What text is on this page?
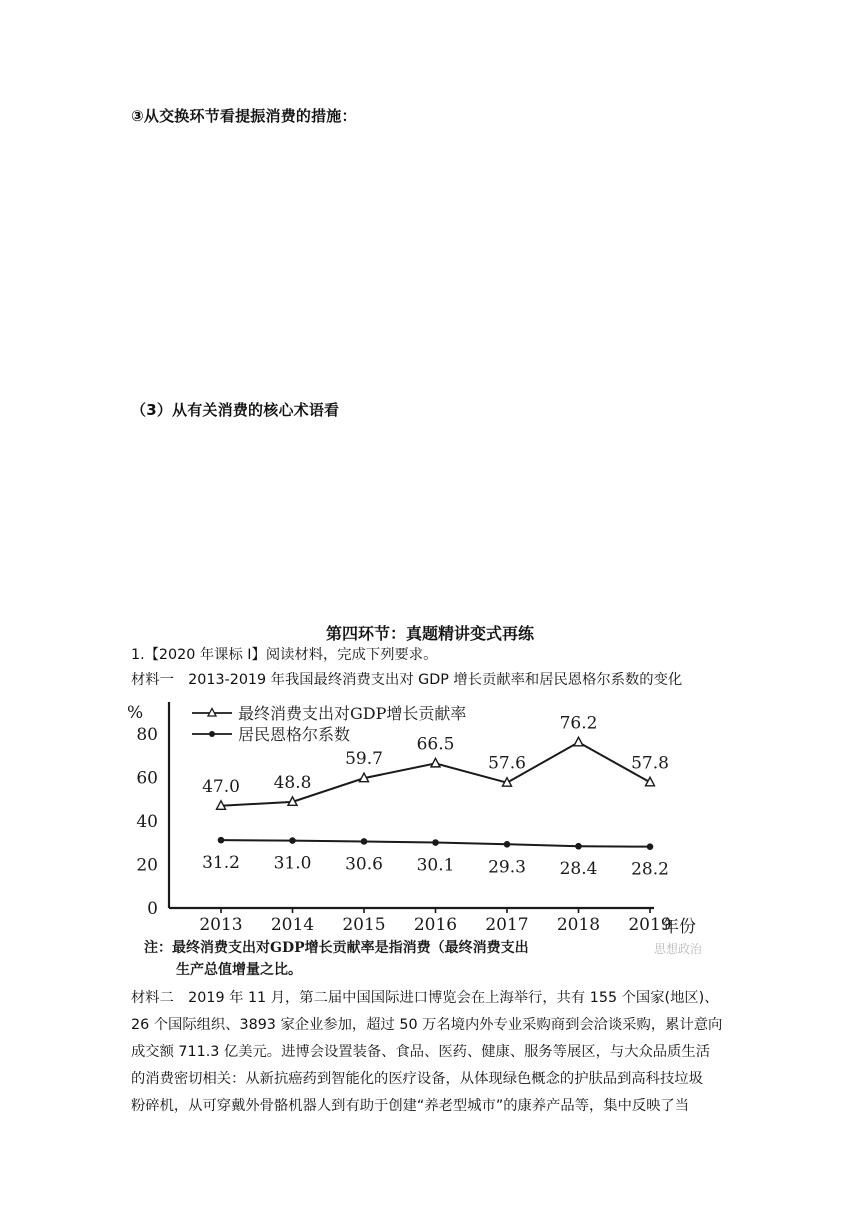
③从交换环节看提振消费的措施：
（3）从有关消费的核心术语看
第四环节：真题精讲变式再练
1.【2020 年课标 I】阅读材料，完成下列要求。
材料一　2013-2019 年我国最终消费支出对 GDP 增长贡献率和居民恩格尔系数的变化
%
年份
0
20
40
60
80
2013 2014 2015 2016 2017 2018 2019
最终消费支出对GDP增长贡献率
居民恩格尔系数
47.0 48.8
59.7
66.5
57.6
76.2
57.8
31.2 31.0 30.6 30.1 29.3 28.4 28.2
注：最终消费支出对GDP增长贡献率是指消费（最终消费支出
生产总值增量之比。
思想政治
材料二　2019 年 11 月，第二届中国国际进口博览会在上海举行，共有 155 个国家(地区)、
26 个国际组织、3893 家企业参加，超过 50 万名境内外专业采购商到会洽谈采购，累计意向
成交额 711.3 亿美元。进博会设置装备、食品、医药、健康、服务等展区，与大众品质生活
的消费密切相关：从新抗癌药到智能化的医疗设备，从体现绿色概念的护肤品到高科技垃圾
粉碎机，从可穿戴外骨骼机器人到有助于创建“养老型城市”的康养产品等，集中反映了当
